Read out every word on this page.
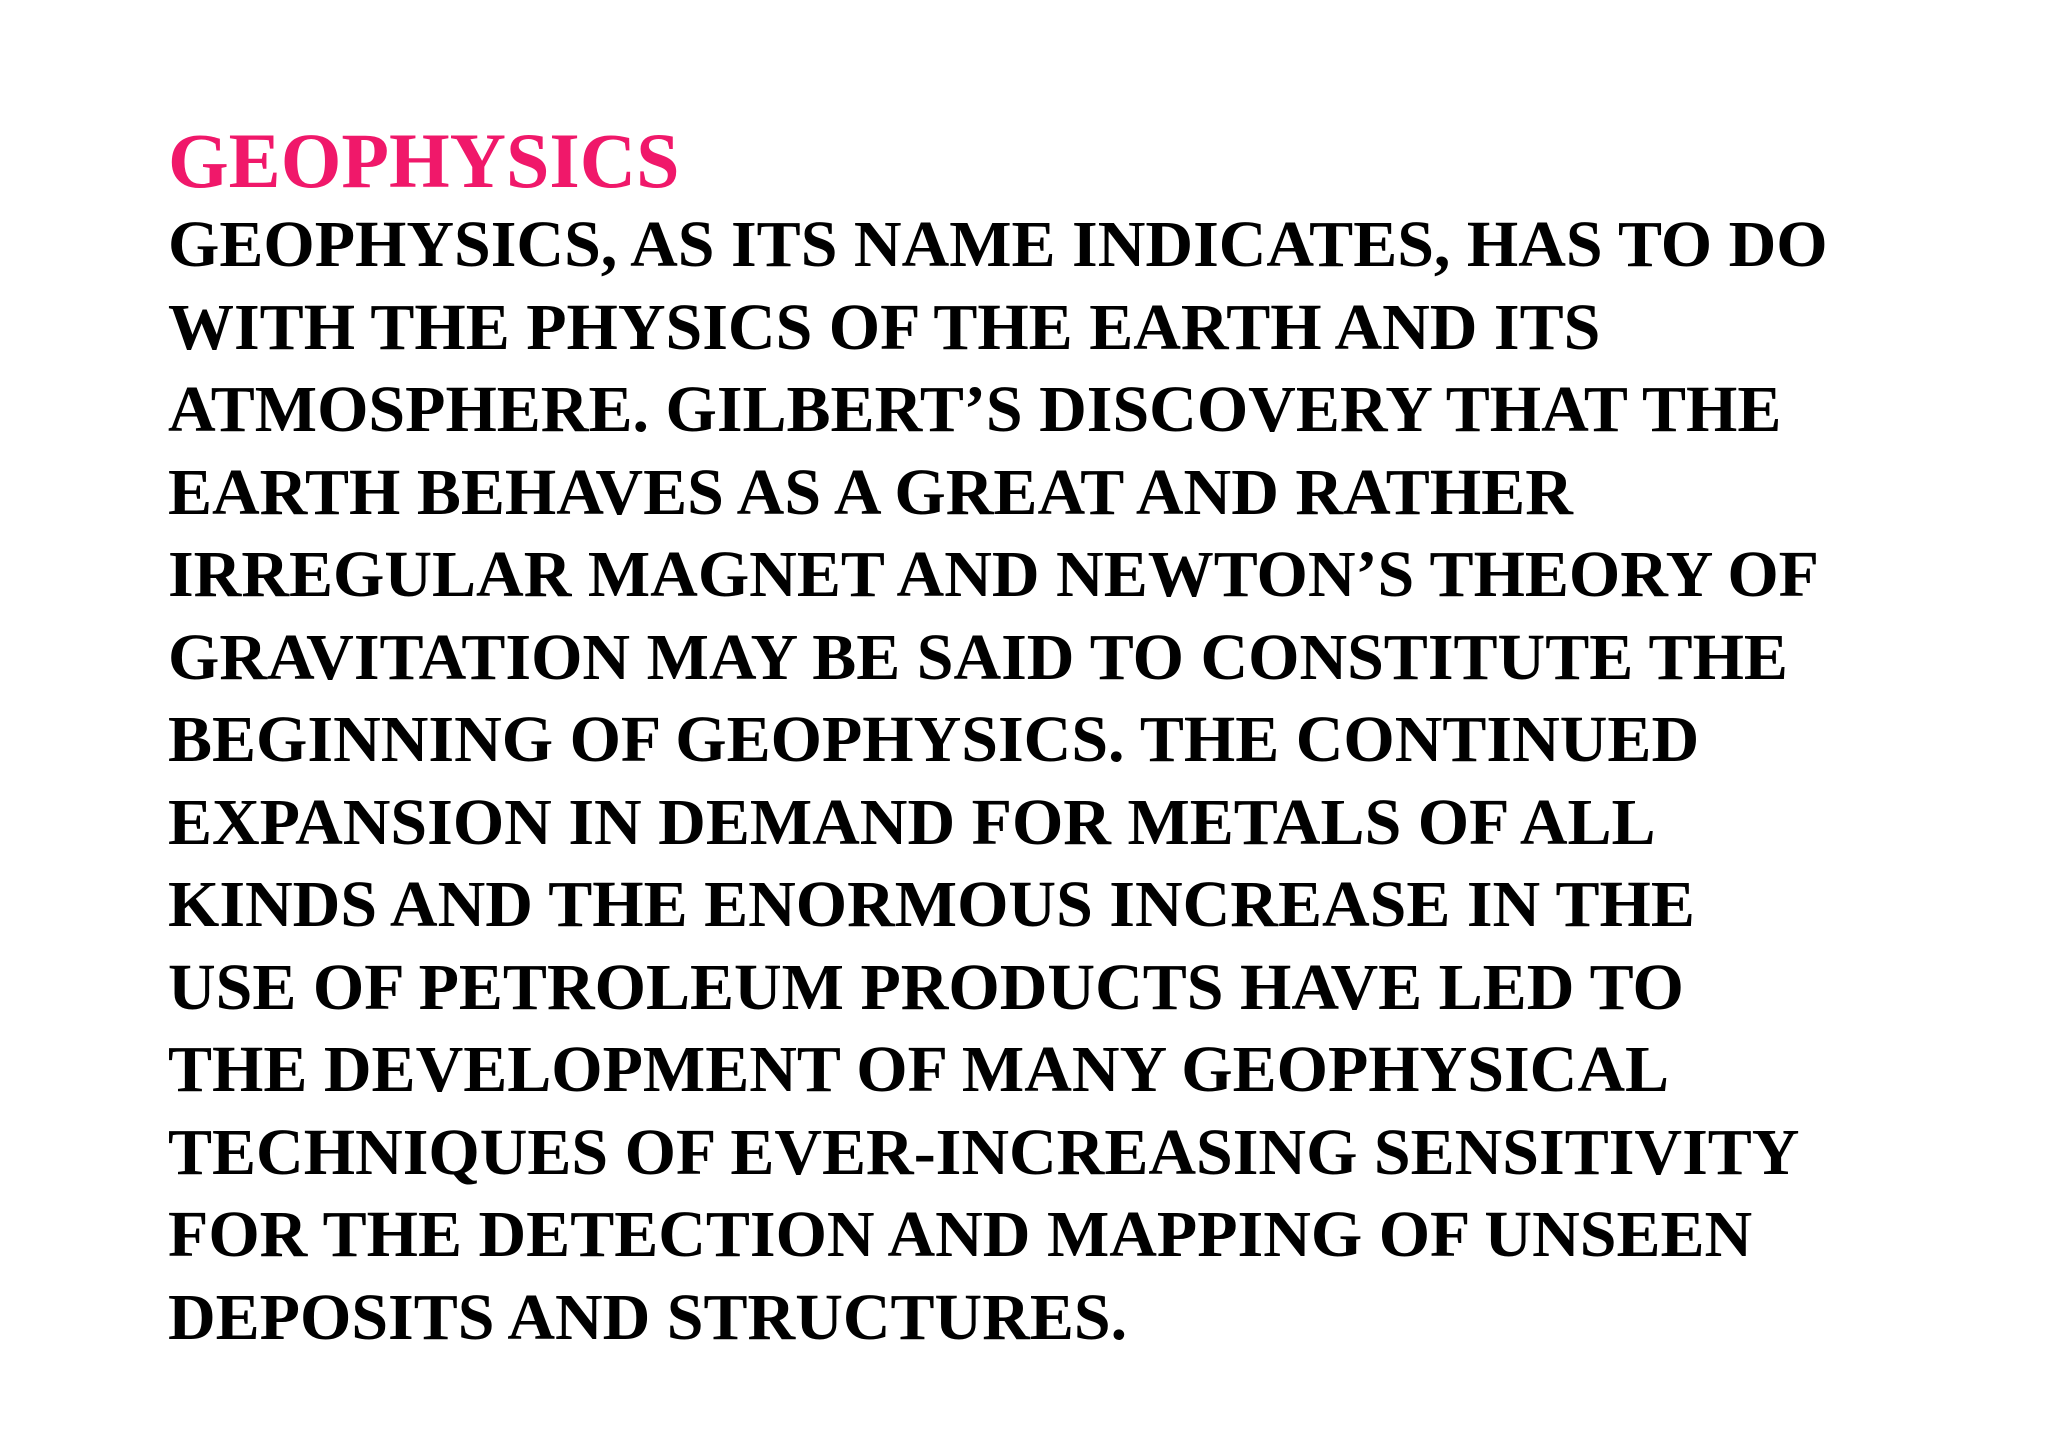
GEOPHYSICS
GEOPHYSICS, AS ITS NAME INDICATES, HAS TO DO
WITH THE PHYSICS OF THE EARTH AND ITS
ATMOSPHERE. GILBERT’S DISCOVERY THAT THE
EARTH BEHAVES AS A GREAT AND RATHER
IRREGULAR MAGNET AND NEWTON’S THEORY OF
GRAVITATION MAY BE SAID TO CONSTITUTE THE
BEGINNING OF GEOPHYSICS. THE CONTINUED
EXPANSION IN DEMAND FOR METALS OF ALL
KINDS AND THE ENORMOUS INCREASE IN THE
USE OF PETROLEUM PRODUCTS HAVE LED TO
THE DEVELOPMENT OF MANY GEOPHYSICAL
TECHNIQUES OF EVER-INCREASING SENSITIVITY
FOR THE DETECTION AND MAPPING OF UNSEEN
DEPOSITS AND STRUCTURES.
